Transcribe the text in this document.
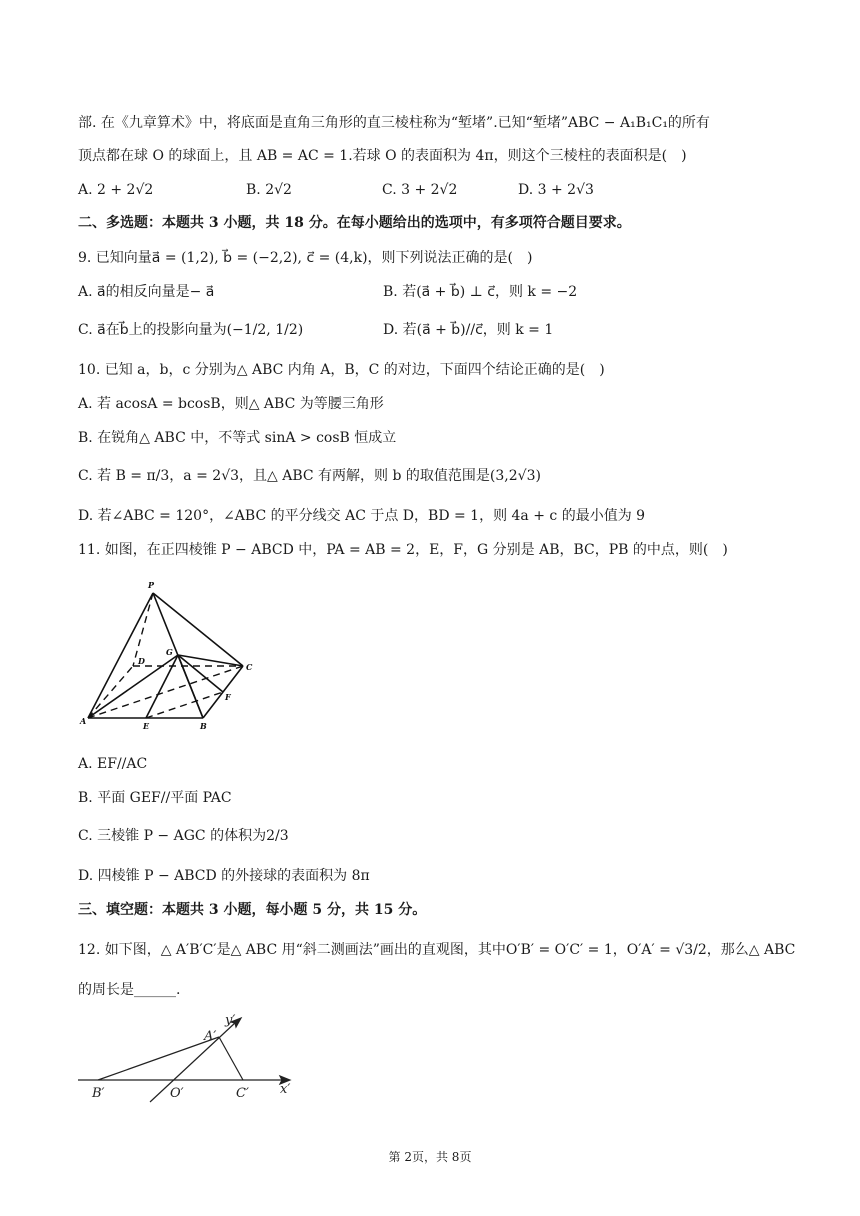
部. 在《九章算术》中，将底面是直角三角形的直三棱柱称为“堑堵”.已知“堑堵”ABC − A₁B₁C₁的所有
顶点都在球 O 的球面上，且 AB = AC = 1.若球 O 的表面积为 4π，则这个三棱柱的表面积是(　)
A. 2 + 2√2	B. 2√2	C. 3 + 2√2	D. 3 + 2√3
二、多选题：本题共 3 小题，共 18 分。在每小题给出的选项中，有多项符合题目要求。
9. 已知向量a⃗ = (1,2), b⃗ = (−2,2), c⃗ = (4,k)，则下列说法正确的是(　)
A. a⃗的相反向量是− a⃗	B. 若(a⃗ + b⃗) ⊥ c⃗，则 k = −2
C. a⃗在b⃗上的投影向量为(−1/2, 1/2)	D. 若(a⃗ + b⃗)//c⃗，则 k = 1
10. 已知 a，b，c 分别为△ ABC 内角 A，B，C 的对边，下面四个结论正确的是(　)
A. 若 acosA = bcosB，则△ ABC 为等腰三角形
B. 在锐角△ ABC 中，不等式 sinA > cosB 恒成立
C. 若 B = π/3，a = 2√3，且△ ABC 有两解，则 b 的取值范围是(3,2√3)
D. 若∠ABC = 120°，∠ABC 的平分线交 AC 于点 D，BD = 1，则 4a + c 的最小值为 9
11. 如图，在正四棱锥 P − ABCD 中，PA = AB = 2，E，F，G 分别是 AB，BC，PB 的中点，则(　)
P
A	B
C
D
E
F
G
A. EF//AC
B. 平面 GEF//平面 PAC
C. 三棱锥 P − AGC 的体积为2/3
D. 四棱锥 P − ABCD 的外接球的表面积为 8π
三、填空题：本题共 3 小题，每小题 5 分，共 15 分。
12. 如下图，△ A′B′C′是△ ABC 用“斜二测画法”画出的直观图，其中O′B′ = O′C′ = 1，O′A′ = √3/2，那么△ ABC
的周长是______.
B′	O′	C′
A′
x′
y′
第 2页，共 8页
